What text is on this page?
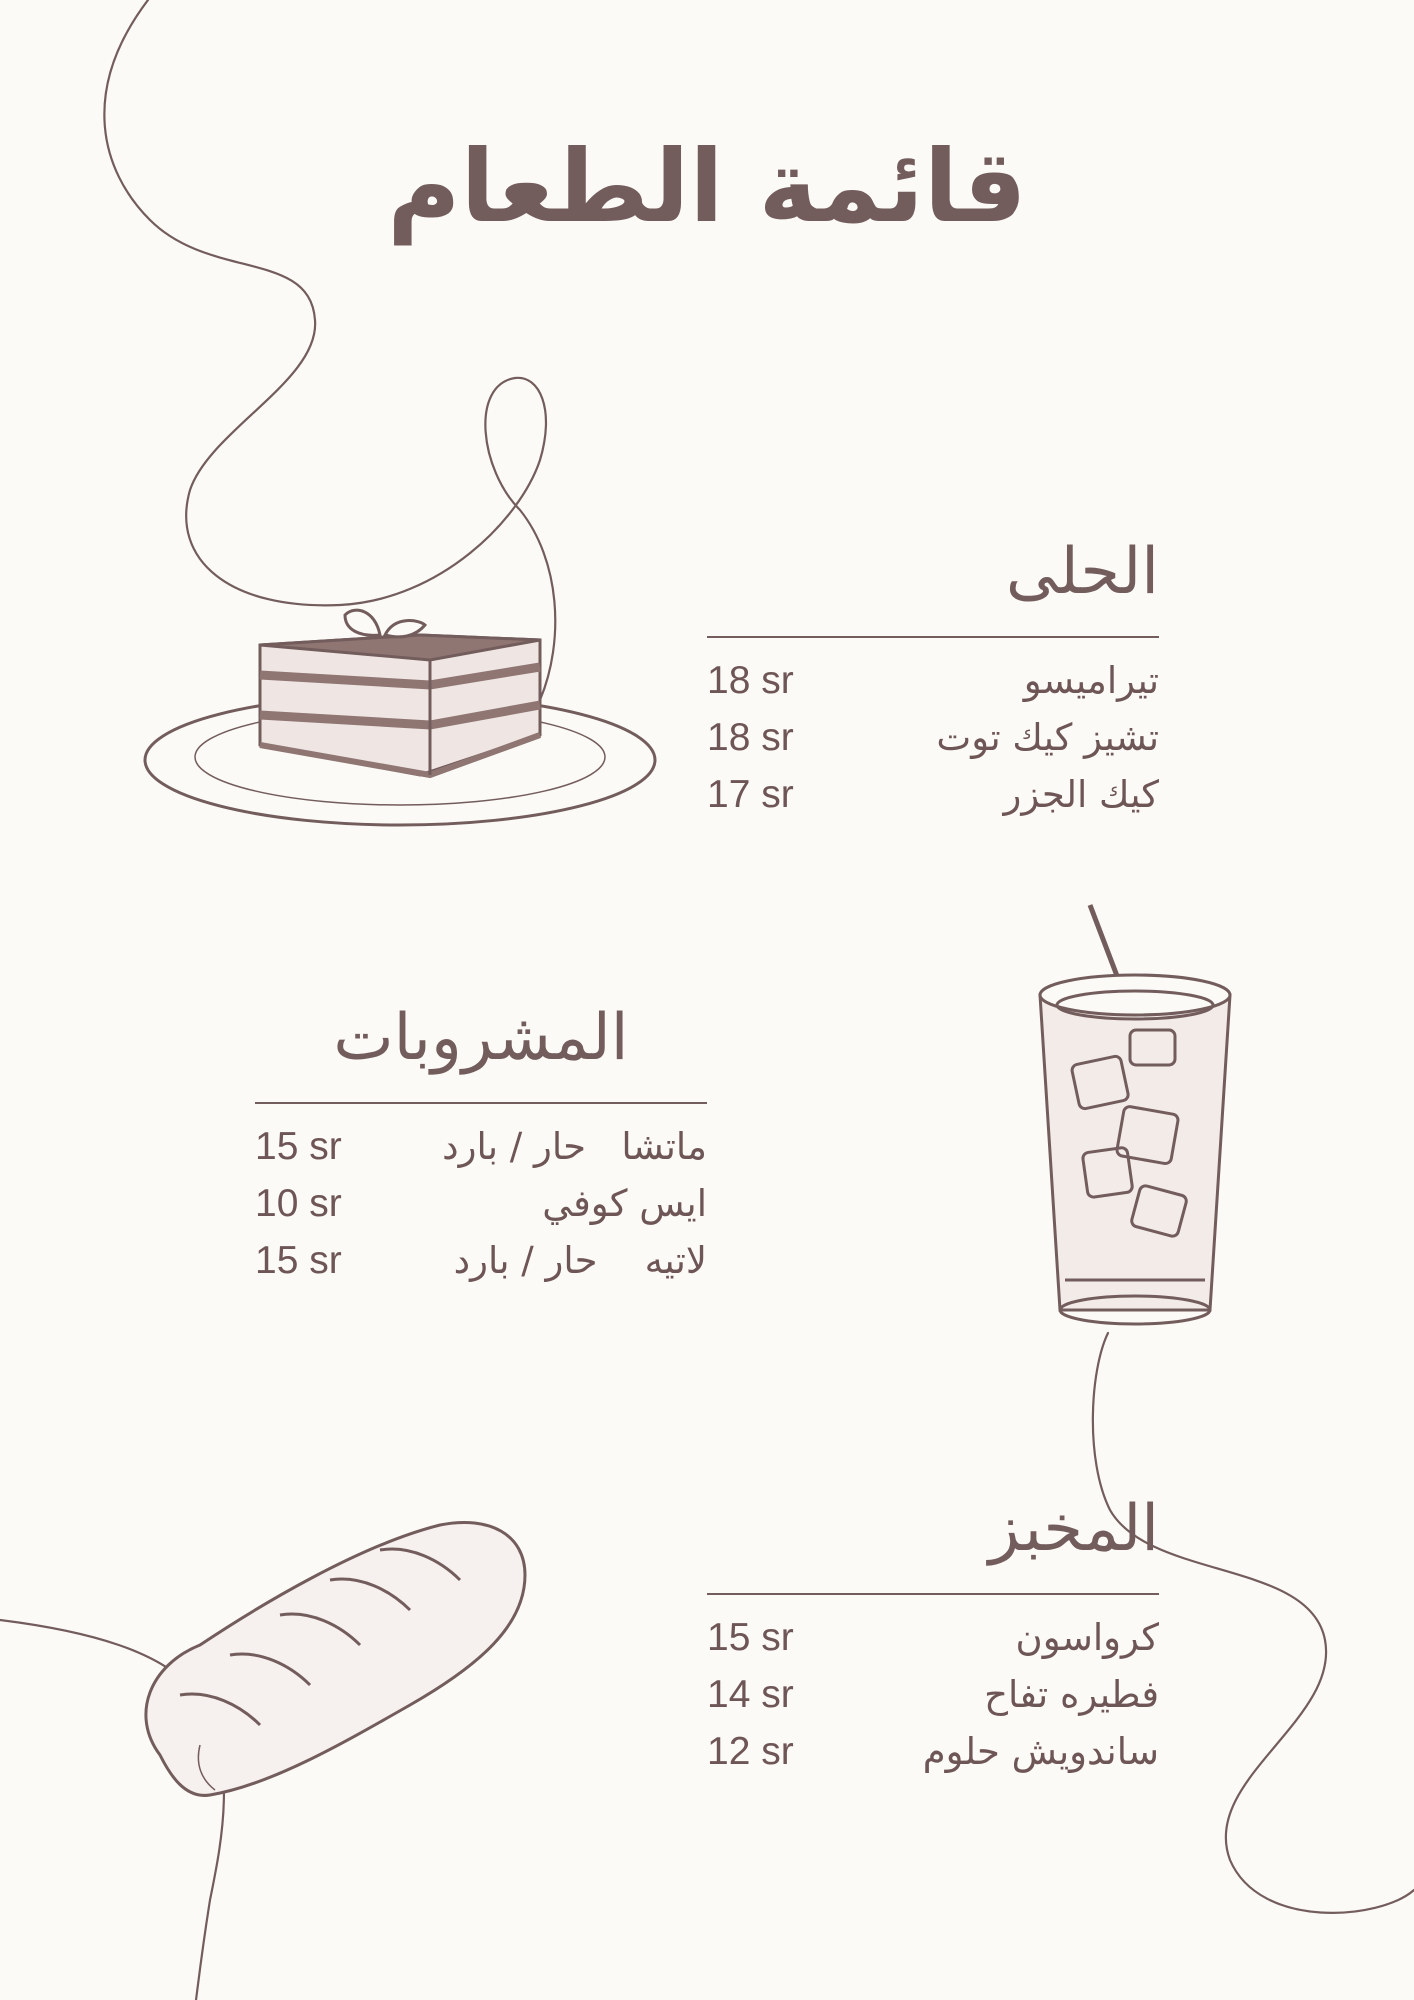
قائمة الطعام
الحلى
18 sr	تيراميسو
18 sr	تشيز كيك توت
17 sr	كيك الجزر
المشروبات
15 sr	ماتشا   حار / بارد
10 sr	ايس كوفي
15 sr	لاتيه    حار / بارد
المخبز
15 sr	كرواسون
14 sr	فطيره تفاح
12 sr	ساندويش حلوم
